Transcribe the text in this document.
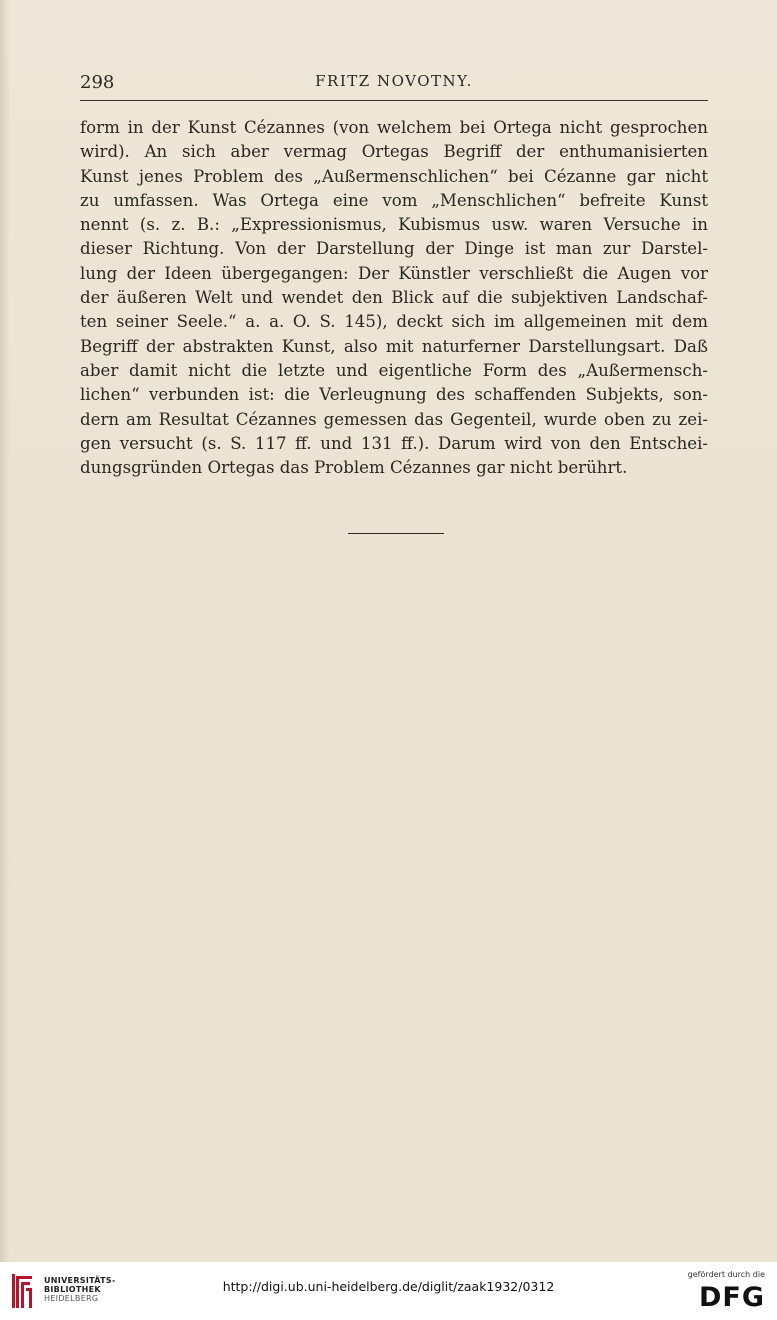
298	FRITZ NOVOTNY.
form in der Kunst Cézannes (von welchem bei Ortega nicht gesprochen
wird). An sich aber vermag Ortegas Begriff der enthumanisierten
Kunst jenes Problem des „Außermenschlichen“ bei Cézanne gar nicht
zu umfassen. Was Ortega eine vom „Menschlichen“ befreite Kunst
nennt (s. z. B.: „Expressionismus, Kubismus usw. waren Versuche in
dieser Richtung. Von der Darstellung der Dinge ist man zur Darstel-
lung der Ideen übergegangen: Der Künstler verschließt die Augen vor
der äußeren Welt und wendet den Blick auf die subjektiven Landschaf-
ten seiner Seele.“ a. a. O. S. 145), deckt sich im allgemeinen mit dem
Begriff der abstrakten Kunst, also mit naturferner Darstellungsart. Daß
aber damit nicht die letzte und eigentliche Form des „Außermensch-
lichen“ verbunden ist: die Verleugnung des schaffenden Subjekts, son-
dern am Resultat Cézannes gemessen das Gegenteil, wurde oben zu zei-
gen versucht (s. S. 117 ff. und 131 ff.). Darum wird von den Entschei-
dungsgründen Ortegas das Problem Cézannes gar nicht berührt.
UNIVERSITÄTS-
BIBLIOTHEK
HEIDELBERG
http://digi.ub.uni-heidelberg.de/diglit/zaak1932/0312
gefördert durch die
DFG
